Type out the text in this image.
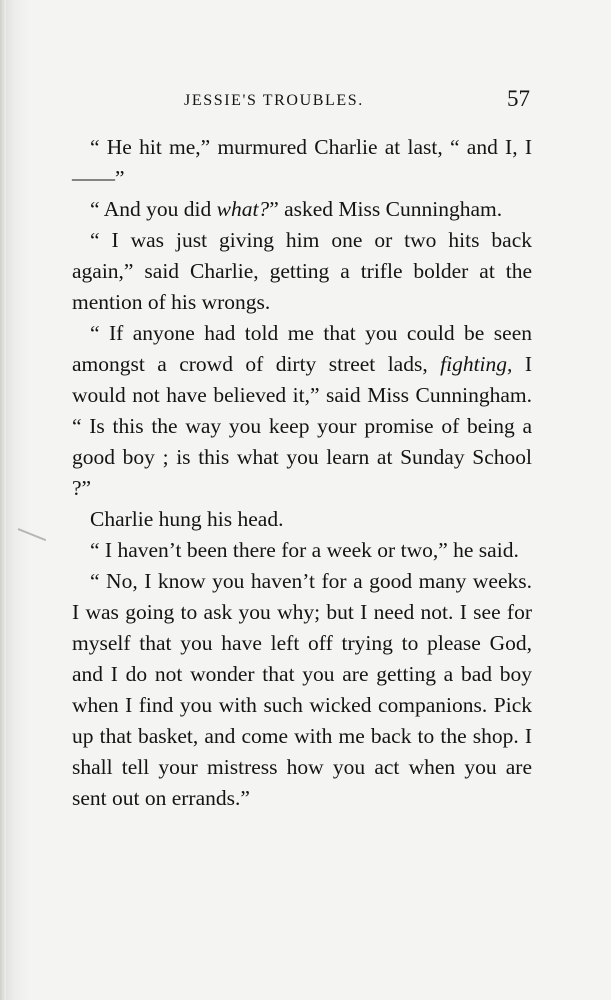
JESSIE'S TROUBLES.	57

“ He hit me,” murmured Charlie at last, “ and I, I——”

“ And you did what?” asked Miss Cunningham.

“ I was just giving him one or two hits back again,” said Charlie, getting a trifle bolder at the mention of his wrongs.

“ If anyone had told me that you could be seen amongst a crowd of dirty street lads, fighting, I would not have believed it,” said Miss Cunningham. “ Is this the way you keep your promise of being a good boy ; is this what you learn at Sunday School ?”

Charlie hung his head.

“ I haven’t been there for a week or two,” he said.

“ No, I know you haven’t for a good many weeks. I was going to ask you why; but I need not. I see for myself that you have left off trying to please God, and I do not wonder that you are getting a bad boy when I find you with such wicked companions. Pick up that basket, and come with me back to the shop. I shall tell your mistress how you act when you are sent out on errands.”
